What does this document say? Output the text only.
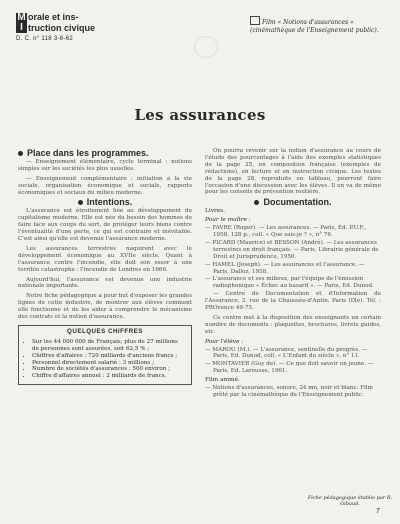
M orale et ins-
I truction civique
D. C. n° 118 3-6-62
Film « Notions d'assurances » (cinémathèque de l'Enseignement public).
Les assurances
Place dans les programmes.

— Enseignement élémentaire, cycle terminal : notions simples sur les sociétés les plus usuelles.

— Enseignement complémentaire : initiation à la vie sociale, organisation économique et sociale, rapports économiques et sociaux du milieu moderne.

Intentions.

L'assurance est étroitement liée au développement du capitalisme moderne. Elle est née du besoin des hommes de faire face aux coups du sort, de protéger leurs biens contre l'éventualité d'une perte, ce qui est contraire et inévitable. C'est ainsi qu'elle est devenue l'assurance moderne.

Les assurances terrestres naquirent avec le développement économique au XVIIe siècle. Quant à l'assurance contre l'incendie, elle doit son essor à une terrible catastrophe : l'incendie de Londres en 1666.

Aujourd'hui, l'assurance est devenue une industrie nationale importante.

Notre fiche pédagogique a pour but d'exposer les grandes lignes de cette industrie, de montrer aux élèves comment elle fonctionne et de les aider à comprendre le mécanisme des contrats et la notion d'assurance.

QUELQUES CHIFFRES
• Sur les 44 000 000 de Français, plus de 27 millions de personnes sont assurées, soit 62,5 % ;
• Chiffres d'affaires : 720 milliards d'anciens francs ;
• Personnel directement salarié : 3 millions ;
• Nombre de sociétés d'assurances : 500 environ ;
• Chiffre d'affaires annuel : 2 milliards de francs.

On pourra revenir sur la notion d'assurance au cours de l'étude des pourcentages à l'aide des exemples statistiques de la page 25, en composition française (exemples de rédactions), en lecture et en instruction civique. Les textes de la page 28, reproduits en tableau, pourront faire l'occasion d'une discussion avec les élèves. Il en va de même pour les conseils de prévention routière.

Documentation.
Livres.
Pour le maître :

— FAVRE (Roger). — Les assurances. — Paris, Ed. P.U.F., 1958, 128 p., coll. « Que sais-je ? », n° 76.

— PICARD (Maurice) et BESSON (André). — Les assurances terrestres en droit français. — Paris, Librairie générale de Droit et Jurisprudence, 1950.

— HAMEL (Joseph). — Les assurances et l'assurance. — Paris, Dalloz, 1958.

— L'assurance et ses milieux, par l'équipe de l'émission radiophonique « Échec au hasard ». — Paris, Ed. Dunod.

— Centre de Documentation et d'Information de l'Assurance, 2, rue de la Chaussée-d'Antin, Paris (IXe). Tél. : PROvence 49-75.

Ce centre met à la disposition des enseignants un certain nombre de documents : plaquettes, brochures, livrets guides, etc.

Pour l'élève :

— MAROU (M.). — L'assurance, sentinelle du progrès. — Paris, Ed. Dunod, coll. « L'Enfant du siècle », n° 11.

— MONTAVIER (Guy de). — Ce que doit savoir un jeune. — Paris, Ed. Larousse, 1961.

Film animé.

— Notions d'assurances, sonore, 24 mn, noir et blanc. Film prêté par la cinémathèque de l'Enseignement public.

Fiche pédagogique établie par R. Gibaud.
7
